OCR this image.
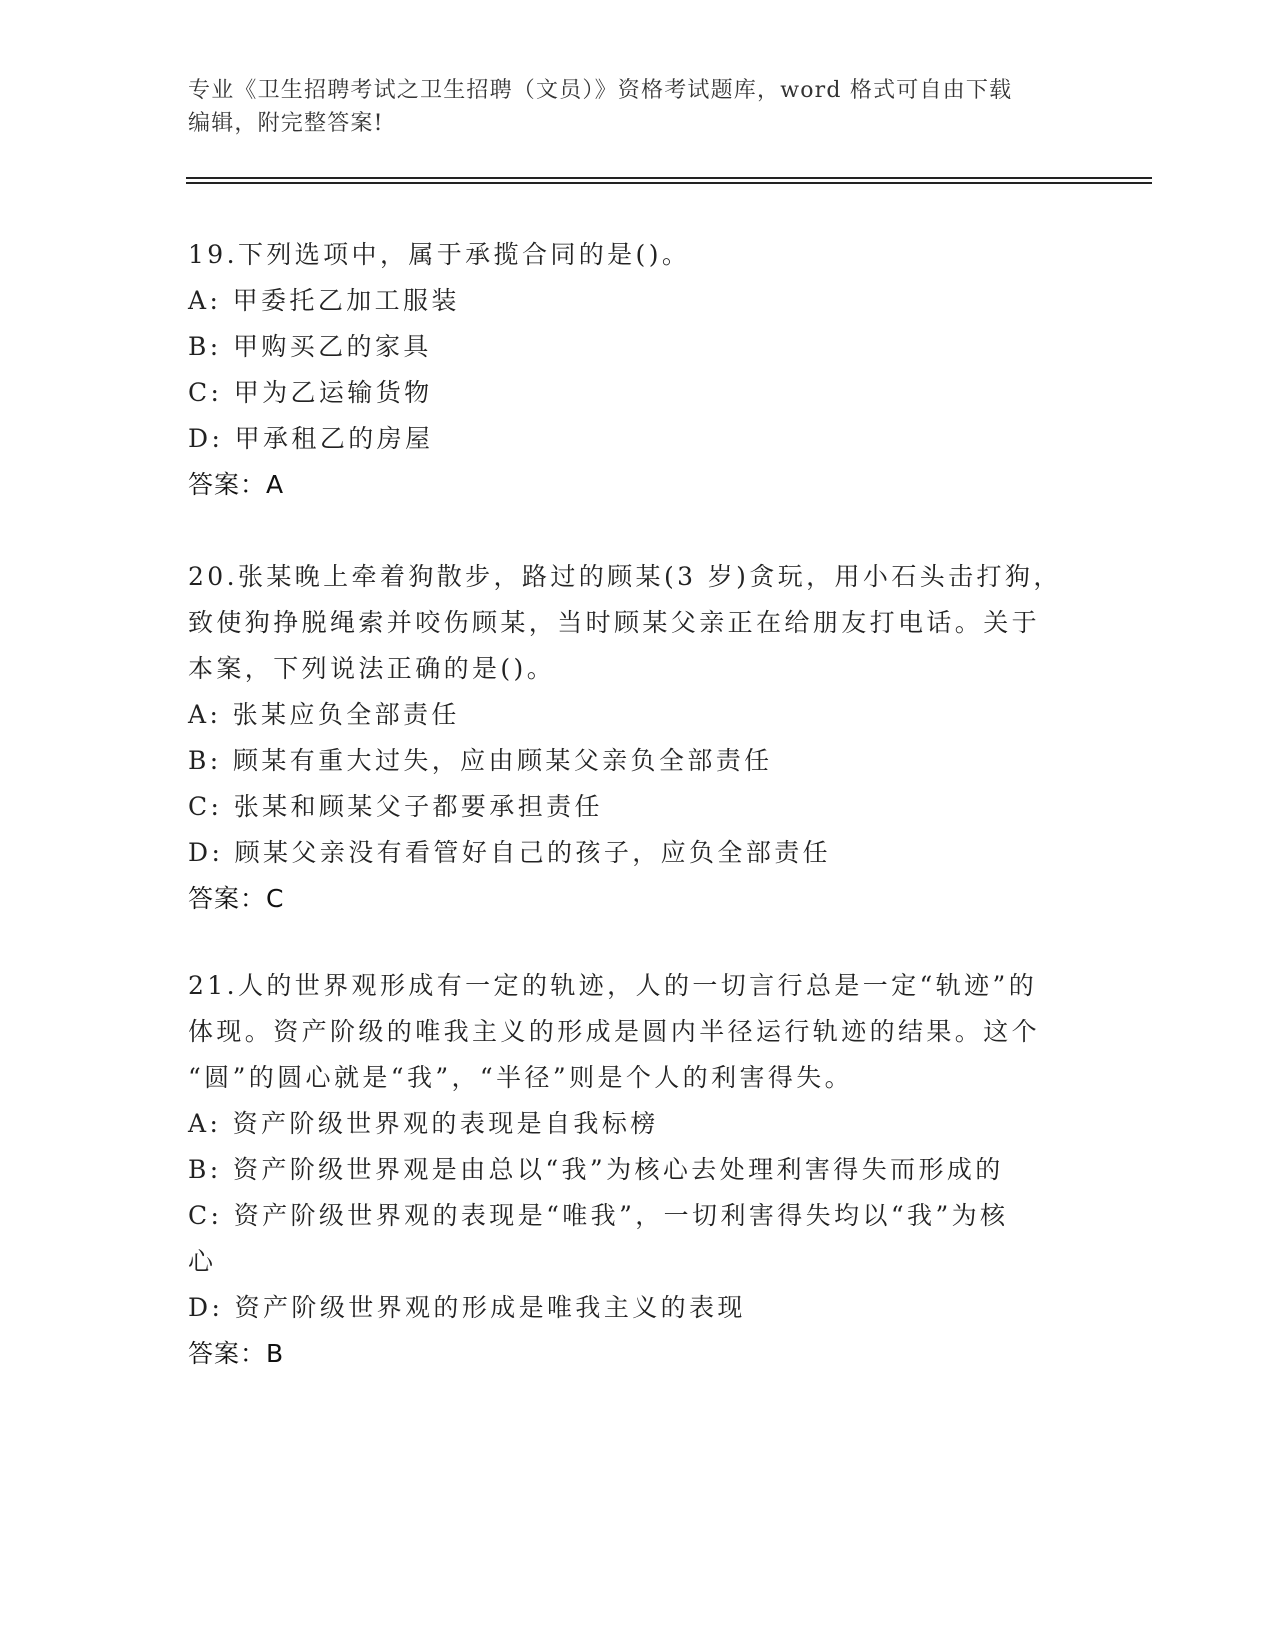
专业《卫生招聘考试之卫生招聘（文员）》资格考试题库，word 格式可自由下载
编辑，附完整答案!
19.下列选项中，属于承揽合同的是()。
A: 甲委托乙加工服装
B: 甲购买乙的家具
C: 甲为乙运输货物
D: 甲承租乙的房屋
答案：A
20.张某晚上牵着狗散步，路过的顾某(3 岁)贪玩，用小石头击打狗，
致使狗挣脱绳索并咬伤顾某，当时顾某父亲正在给朋友打电话。关于
本案，下列说法正确的是()。
A: 张某应负全部责任
B: 顾某有重大过失，应由顾某父亲负全部责任
C: 张某和顾某父子都要承担责任
D: 顾某父亲没有看管好自己的孩子，应负全部责任
答案：C
21.人的世界观形成有一定的轨迹，人的一切言行总是一定“轨迹”的
体现。资产阶级的唯我主义的形成是圆内半径运行轨迹的结果。这个
“圆”的圆心就是“我”，“半径”则是个人的利害得失。
A: 资产阶级世界观的表现是自我标榜
B: 资产阶级世界观是由总以“我”为核心去处理利害得失而形成的
C: 资产阶级世界观的表现是“唯我”，一切利害得失均以“我”为核
心
D: 资产阶级世界观的形成是唯我主义的表现
答案：B
